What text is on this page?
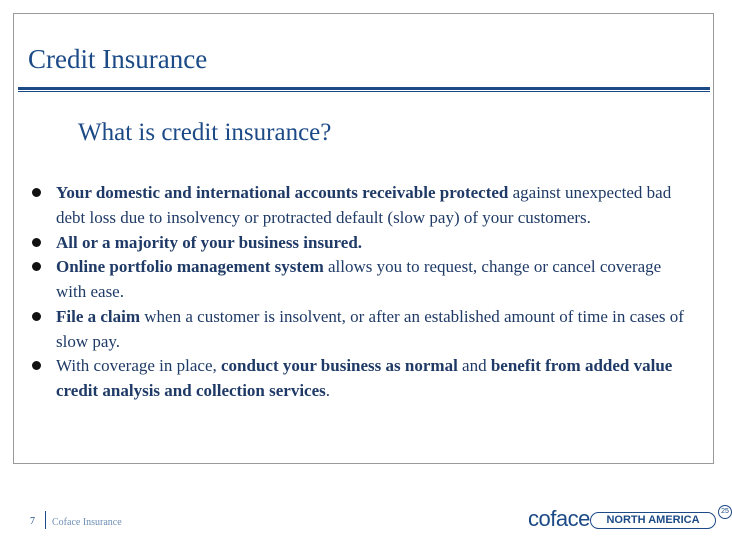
Credit Insurance
What is credit insurance?
Your domestic and international accounts receivable protected against unexpected bad debt loss due to insolvency or protracted default (slow pay) of your customers.
All or a majority of your business insured.
Online portfolio management system allows you to request, change or cancel coverage with ease.
File a claim when a customer is insolvent, or after an established amount of time in cases of slow pay.
With coverage in place, conduct your business as normal and benefit from added value credit analysis and collection services.
7 Coface Insurance	coface	NORTH AMERICA
25
